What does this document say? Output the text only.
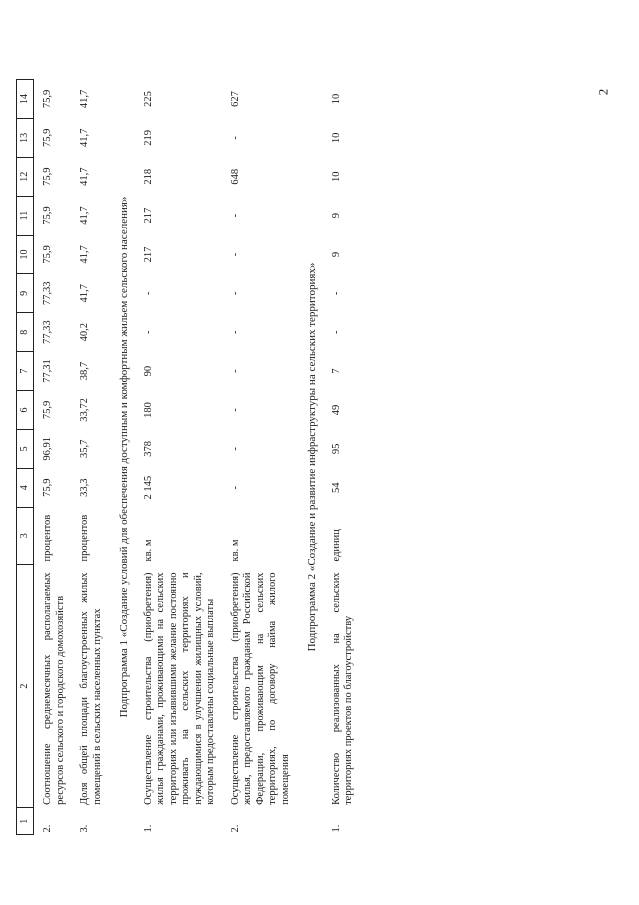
2
1	2	3	4	5	6	7	8	9	10	11	12	13	14
2.	Соотношение среднемесячных располагаемых ресурсов сельского и городского домохозяйств	процентов	75,9	96,91	75,9	77,31	77,33	77,33	75,9	75,9	75,9	75,9	75,9
3.	Доля общей площади благоустроенных жилых помещений в сельских населенных пунктах	процентов	33,3	35,7	33,72	38,7	40,2	41,7	41,7	41,7	41,7	41,7	41,7
Подпрограмма 1 «Создание условий для обеспечения доступным и комфортным жильем сельского населения»													
1.	Осуществление строительства (приобретения) жилья гражданами, проживающими на сельских территориях или изъявившими желание постоянно проживать на сельских территориях и нуждающимися в улучшении жилищных условий, которым предоставлены социальные выплаты	кв. м	2 145	378	180	90	-	-	217	217	218	219	225
2.	Осуществление строительства (приобретения) жилья, предоставляемого гражданам Российской Федерации, проживающим на сельских территориях, по договору найма жилого помещения	кв. м	-	-	-	-	-	-	-	-	648	-	627
Подпрограмма 2 «Создание и развитие инфраструктуры на сельских территориях»													
1.	Количество реализованных на сельских территориях проектов по благоустройству	единиц	54	95	49	7	-	-	9	9	10	10	10
